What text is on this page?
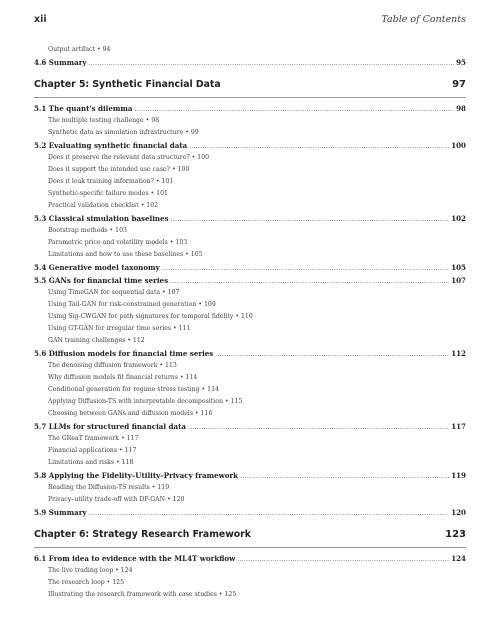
xii	Table of Contents
Output artifact • 94
4.6 Summary .....	95
Chapter 5: Synthetic Financial Data	97
5.1 The quant's dilemma .....	98
The multiple testing challenge • 98
Synthetic data as simulation infrastructure • 99
5.2 Evaluating synthetic financial data .....	100
Does it preserve the relevant data structure? • 100
Does it support the intended use case? • 100
Does it leak training information? • 101
Synthetic-specific failure modes • 101
Practical validation checklist • 102
5.3 Classical simulation baselines .....	102
Bootstrap methods • 103
Parametric price and volatility models • 103
Limitations and how to use these baselines • 105
5.4 Generative model taxonomy .....	105
5.5 GANs for financial time series .....	107
Using TimeGAN for sequential data • 107
Using Tail-GAN for risk-constrained generation • 109
Using Sig-CWGAN for path signatures for temporal fidelity • 110
Using GT-GAN for irregular time series • 111
GAN training challenges • 112
5.6 Diffusion models for financial time series .....	112
The denoising diffusion framework • 113
Why diffusion models fit financial returns • 114
Conditional generation for regime stress testing • 114
Applying Diffusion-TS with interpretable decomposition • 115
Choosing between GANs and diffusion models • 116
5.7 LLMs for structured financial data .....	117
The GReaT framework • 117
Financial applications • 117
Limitations and risks • 118
5.8 Applying the Fidelity–Utility–Privacy framework .....	119
Reading the Diffusion-TS results • 119
Privacy–utility trade-off with DP-GAN • 120
5.9 Summary .....	120
Chapter 6: Strategy Research Framework	123
6.1 From idea to evidence with the ML4T workflow .....	124
The live trading loop • 124
The research loop • 125
Illustrating the research framework with case studies • 125
